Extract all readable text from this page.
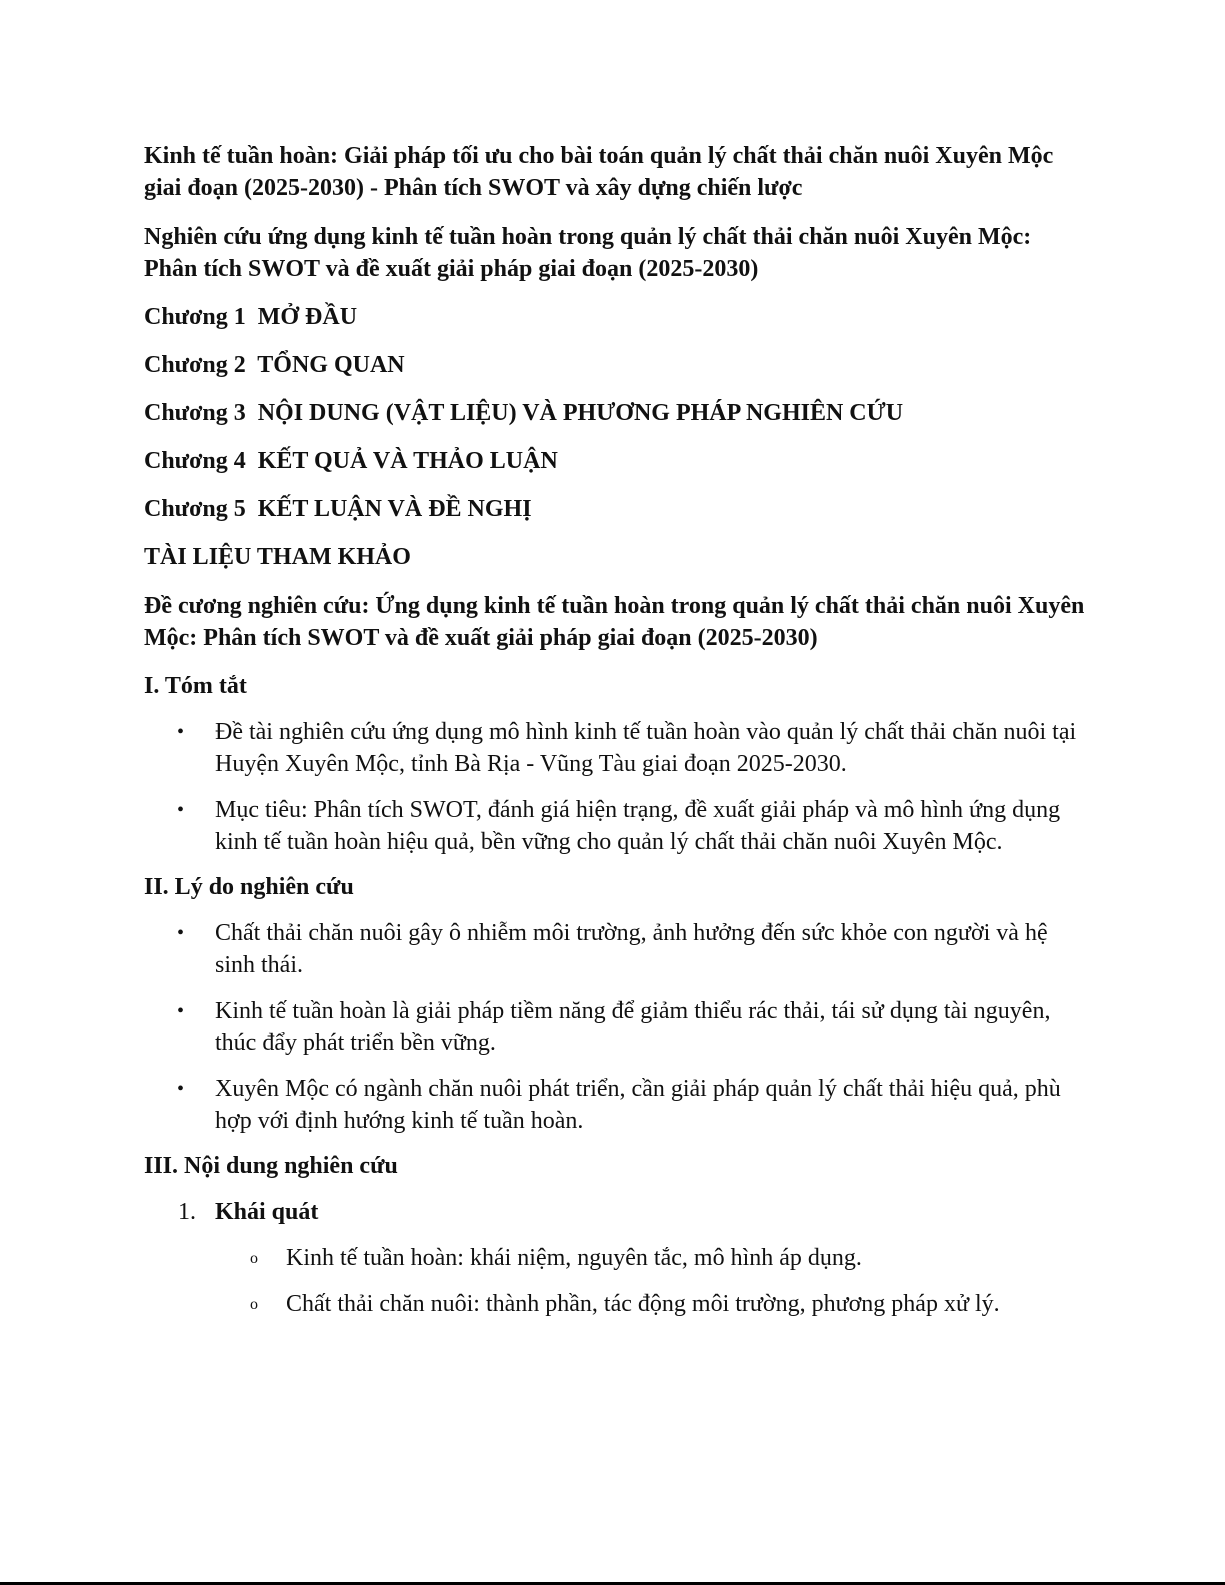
Kinh tế tuần hoàn: Giải pháp tối ưu cho bài toán quản lý chất thải chăn nuôi Xuyên Mộc giai đoạn (2025-2030) - Phân tích SWOT và xây dựng chiến lược

Nghiên cứu ứng dụng kinh tế tuần hoàn trong quản lý chất thải chăn nuôi Xuyên Mộc: Phân tích SWOT và đề xuất giải pháp giai đoạn (2025-2030)

Chương 1  MỞ ĐẦU

Chương 2  TỔNG QUAN

Chương 3  NỘI DUNG (VẬT LIỆU) VÀ PHƯƠNG PHÁP NGHIÊN CỨU

Chương 4  KẾT QUẢ VÀ THẢO LUẬN

Chương 5  KẾT LUẬN VÀ ĐỀ NGHỊ

TÀI LIỆU THAM KHẢO

Đề cương nghiên cứu: Ứng dụng kinh tế tuần hoàn trong quản lý chất thải chăn nuôi Xuyên Mộc: Phân tích SWOT và đề xuất giải pháp giai đoạn (2025-2030)

I. Tóm tắt

• Đề tài nghiên cứu ứng dụng mô hình kinh tế tuần hoàn vào quản lý chất thải chăn nuôi tại Huyện Xuyên Mộc, tỉnh Bà Rịa - Vũng Tàu giai đoạn 2025-2030.
• Mục tiêu: Phân tích SWOT, đánh giá hiện trạng, đề xuất giải pháp và mô hình ứng dụng kinh tế tuần hoàn hiệu quả, bền vững cho quản lý chất thải chăn nuôi Xuyên Mộc.

II. Lý do nghiên cứu

• Chất thải chăn nuôi gây ô nhiễm môi trường, ảnh hưởng đến sức khỏe con người và hệ sinh thái.
• Kinh tế tuần hoàn là giải pháp tiềm năng để giảm thiểu rác thải, tái sử dụng tài nguyên, thúc đẩy phát triển bền vững.
• Xuyên Mộc có ngành chăn nuôi phát triển, cần giải pháp quản lý chất thải hiệu quả, phù hợp với định hướng kinh tế tuần hoàn.

III. Nội dung nghiên cứu

1. Khái quát
o Kinh tế tuần hoàn: khái niệm, nguyên tắc, mô hình áp dụng.
o Chất thải chăn nuôi: thành phần, tác động môi trường, phương pháp xử lý.
